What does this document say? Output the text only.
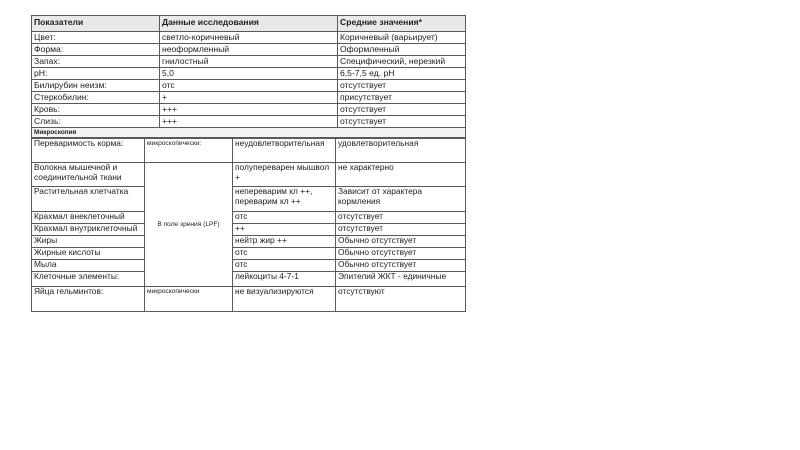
Показатели	Данные исследования	Средние значения*
Цвет:	светло-коричневый	Коричневый (варьирует)
Форма:	неоформленный	Оформленный
Запах:	гнилостный	Специфический, нерезкий
pH:	5,0	6,5-7,5 ед. pH
Билирубин неизм:	отс	отсутствует
Стеркобилин:	+	присутствует
Кровь:	+++	отсутствует
Слизь:	+++	отсутствует
Микроскопия		
Переваримость корма:	микроскопически:	неудовлетворительная	удовлетворительная
Волокна мышечной и соединительной ткани	В поле зрения (LPF)	полупереварен мышвол +	не характерно
Растительная клетчатка		непереварим кл ++, переварим кл ++	Зависит от характера кормления
Крахмал внеклеточный		отс	отсутствует
Крахмал внутриклеточный		++	отсутствует
Жиры		нейтр жир ++	Обычно отсутствует
Жирные кислоты		отс	Обычно отсутствует
Мыла		отс	Обычно отсутствует
Клеточные элементы:		лейкоциты 4-7-1	Эпителий ЖКТ - единичные
Яйца гельминтов:	микроскопически	не визуализируются	отсутствуют
